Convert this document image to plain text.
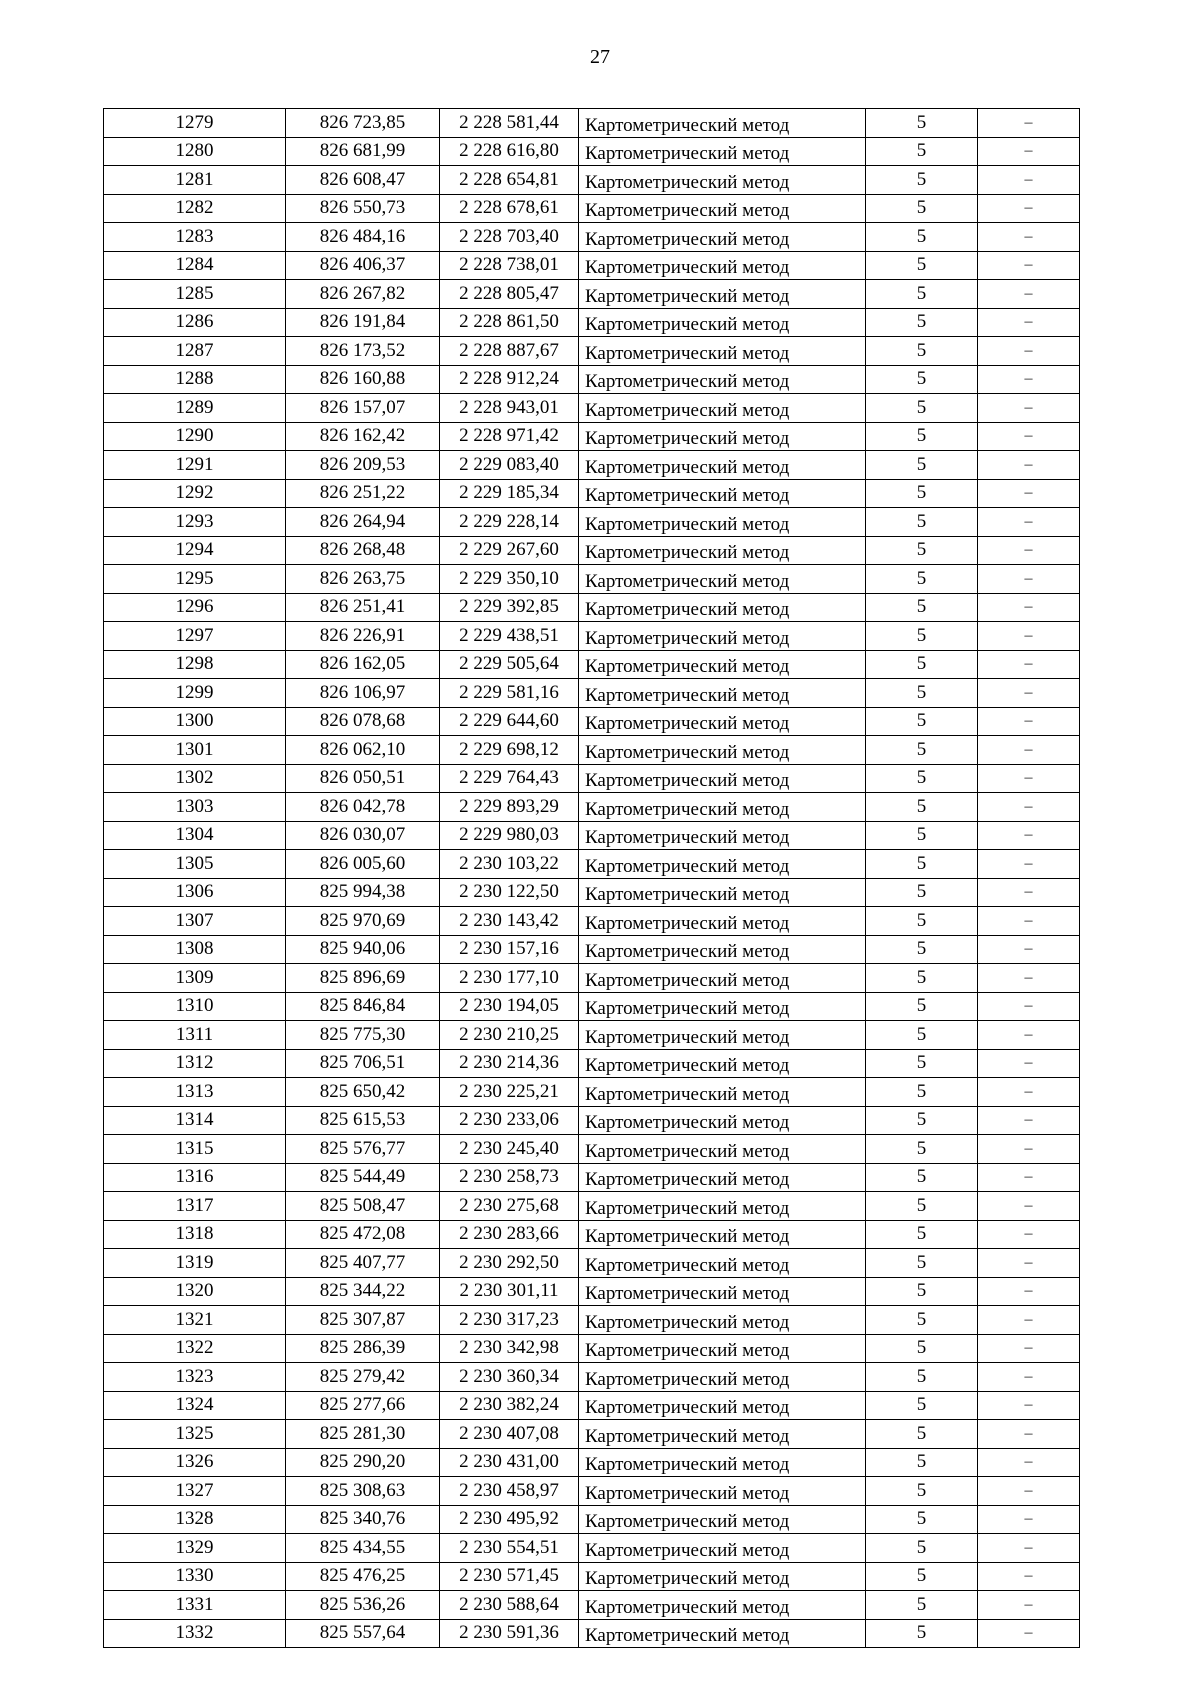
27
1279	826 723,85	2 228 581,44	Картометрический метод	5	–
1280	826 681,99	2 228 616,80	Картометрический метод	5	–
1281	826 608,47	2 228 654,81	Картометрический метод	5	–
1282	826 550,73	2 228 678,61	Картометрический метод	5	–
1283	826 484,16	2 228 703,40	Картометрический метод	5	–
1284	826 406,37	2 228 738,01	Картометрический метод	5	–
1285	826 267,82	2 228 805,47	Картометрический метод	5	–
1286	826 191,84	2 228 861,50	Картометрический метод	5	–
1287	826 173,52	2 228 887,67	Картометрический метод	5	–
1288	826 160,88	2 228 912,24	Картометрический метод	5	–
1289	826 157,07	2 228 943,01	Картометрический метод	5	–
1290	826 162,42	2 228 971,42	Картометрический метод	5	–
1291	826 209,53	2 229 083,40	Картометрический метод	5	–
1292	826 251,22	2 229 185,34	Картометрический метод	5	–
1293	826 264,94	2 229 228,14	Картометрический метод	5	–
1294	826 268,48	2 229 267,60	Картометрический метод	5	–
1295	826 263,75	2 229 350,10	Картометрический метод	5	–
1296	826 251,41	2 229 392,85	Картометрический метод	5	–
1297	826 226,91	2 229 438,51	Картометрический метод	5	–
1298	826 162,05	2 229 505,64	Картометрический метод	5	–
1299	826 106,97	2 229 581,16	Картометрический метод	5	–
1300	826 078,68	2 229 644,60	Картометрический метод	5	–
1301	826 062,10	2 229 698,12	Картометрический метод	5	–
1302	826 050,51	2 229 764,43	Картометрический метод	5	–
1303	826 042,78	2 229 893,29	Картометрический метод	5	–
1304	826 030,07	2 229 980,03	Картометрический метод	5	–
1305	826 005,60	2 230 103,22	Картометрический метод	5	–
1306	825 994,38	2 230 122,50	Картометрический метод	5	–
1307	825 970,69	2 230 143,42	Картометрический метод	5	–
1308	825 940,06	2 230 157,16	Картометрический метод	5	–
1309	825 896,69	2 230 177,10	Картометрический метод	5	–
1310	825 846,84	2 230 194,05	Картометрический метод	5	–
1311	825 775,30	2 230 210,25	Картометрический метод	5	–
1312	825 706,51	2 230 214,36	Картометрический метод	5	–
1313	825 650,42	2 230 225,21	Картометрический метод	5	–
1314	825 615,53	2 230 233,06	Картометрический метод	5	–
1315	825 576,77	2 230 245,40	Картометрический метод	5	–
1316	825 544,49	2 230 258,73	Картометрический метод	5	–
1317	825 508,47	2 230 275,68	Картометрический метод	5	–
1318	825 472,08	2 230 283,66	Картометрический метод	5	–
1319	825 407,77	2 230 292,50	Картометрический метод	5	–
1320	825 344,22	2 230 301,11	Картометрический метод	5	–
1321	825 307,87	2 230 317,23	Картометрический метод	5	–
1322	825 286,39	2 230 342,98	Картометрический метод	5	–
1323	825 279,42	2 230 360,34	Картометрический метод	5	–
1324	825 277,66	2 230 382,24	Картометрический метод	5	–
1325	825 281,30	2 230 407,08	Картометрический метод	5	–
1326	825 290,20	2 230 431,00	Картометрический метод	5	–
1327	825 308,63	2 230 458,97	Картометрический метод	5	–
1328	825 340,76	2 230 495,92	Картометрический метод	5	–
1329	825 434,55	2 230 554,51	Картометрический метод	5	–
1330	825 476,25	2 230 571,45	Картометрический метод	5	–
1331	825 536,26	2 230 588,64	Картометрический метод	5	–
1332	825 557,64	2 230 591,36	Картометрический метод	5	–
